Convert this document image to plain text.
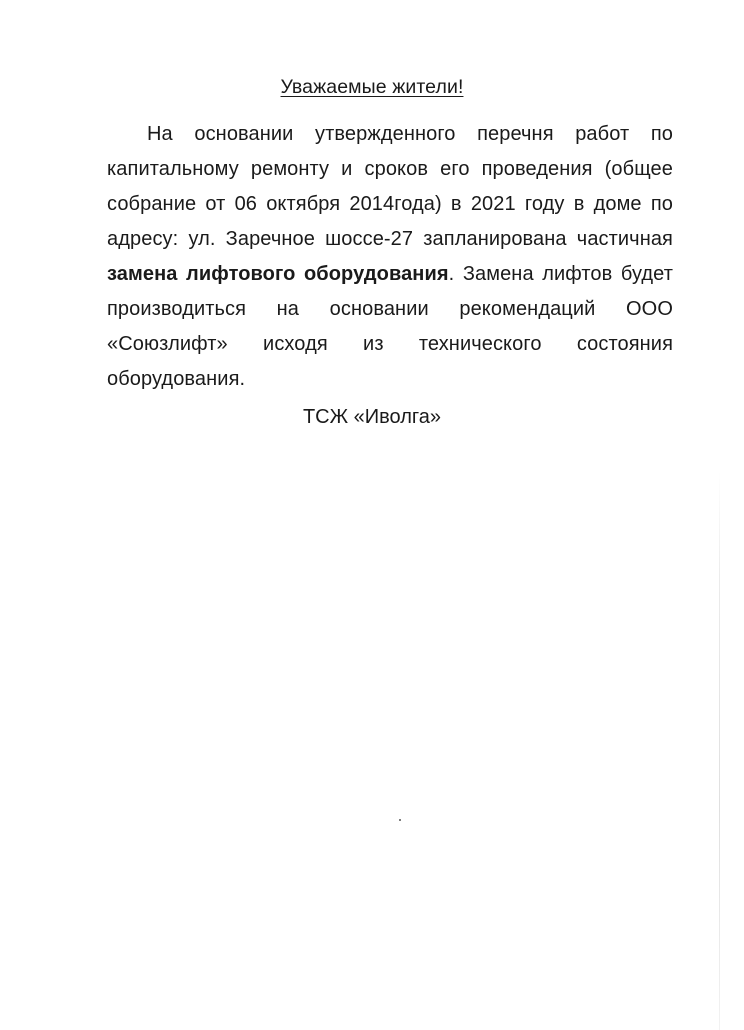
Уважаемые жители!
На основании утвержденного перечня работ по капитальному ремонту и сроков его проведения (общее собрание от 06 октября 2014года) в 2021 году в доме по адресу: ул. Заречное шоссе-27 запланирована частичная замена лифтового оборудования. Замена лифтов будет производиться на основании рекомендаций ООО «Союзлифт» исходя из технического состояния оборудования.
ТСЖ «Иволга»
